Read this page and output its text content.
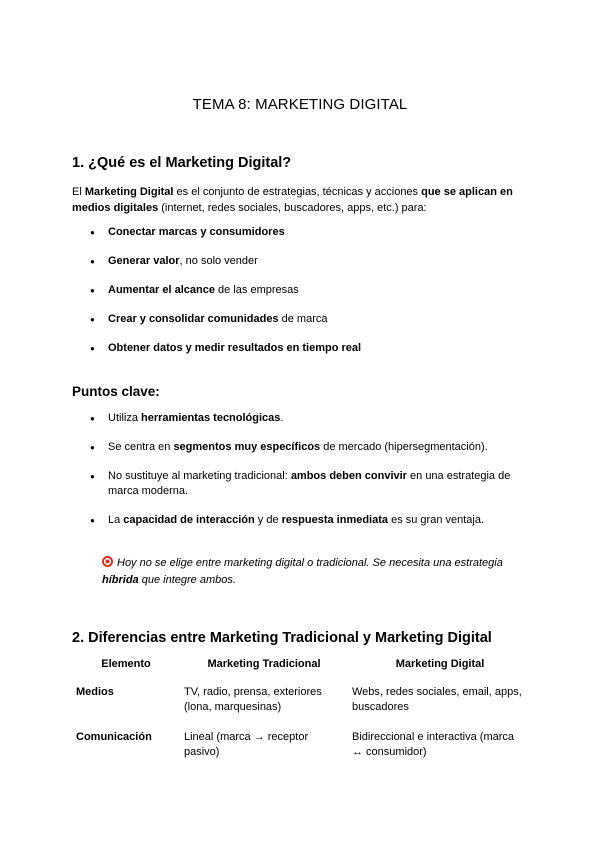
TEMA 8: MARKETING DIGITAL
1. ¿Qué es el Marketing Digital?
El Marketing Digital es el conjunto de estrategias, técnicas y acciones que se aplican en medios digitales (internet, redes sociales, buscadores, apps, etc.) para:
● Conectar marcas y consumidores
● Generar valor, no solo vender
● Aumentar el alcance de las empresas
● Crear y consolidar comunidades de marca
● Obtener datos y medir resultados en tiempo real
Puntos clave:
● Utiliza herramientas tecnológicas.
● Se centra en segmentos muy específicos de mercado (hipersegmentación).
● No sustituye al marketing tradicional: ambos deben convivir en una estrategia de marca moderna.
● La capacidad de interacción y de respuesta inmediata es su gran ventaja.
Hoy no se elige entre marketing digital o tradicional. Se necesita una estrategia híbrida que integre ambos.
2. Diferencias entre Marketing Tradicional y Marketing Digital
Elemento	Marketing Tradicional	Marketing Digital
Medios	TV, radio, prensa, exteriores (lona, marquesinas)	Webs, redes sociales, email, apps, buscadores
Comunicación	Lineal (marca → receptor pasivo)	Bidireccional e interactiva (marca ↔ consumidor)
